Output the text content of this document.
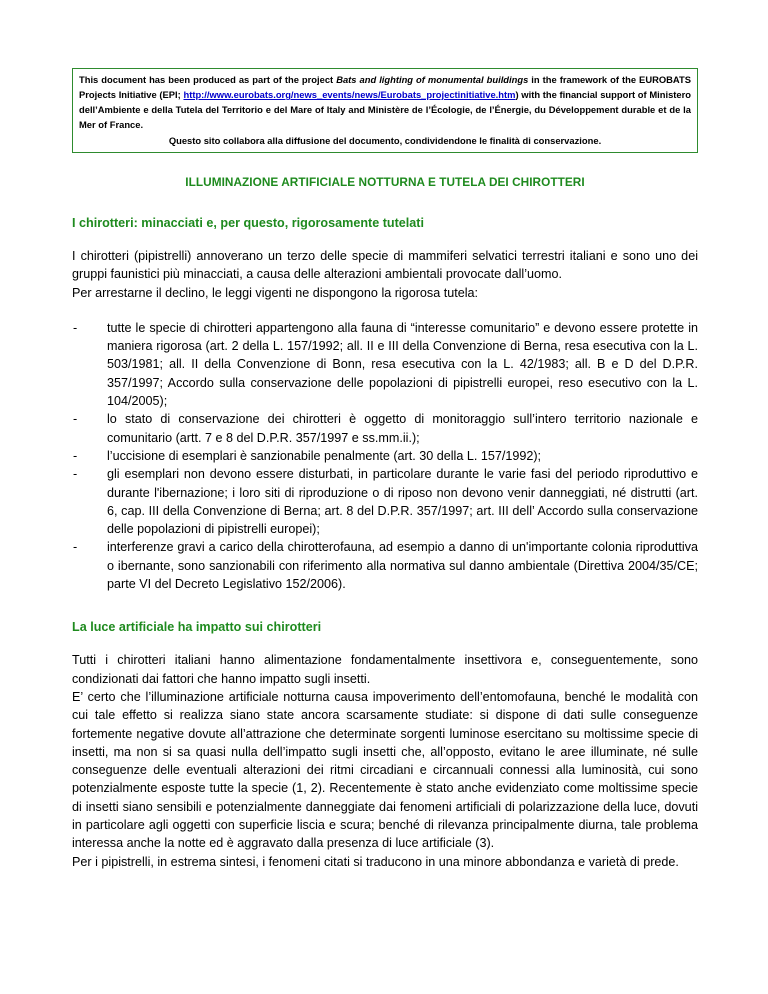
This document has been produced as part of the project Bats and lighting of monumental buildings in the framework of the EUROBATS Projects Initiative (EPI; http://www.eurobats.org/news_events/news/Eurobats_projectinitiative.htm) with the financial support of Ministero dell’Ambiente e della Tutela del Territorio e del Mare of Italy and Ministère de l’Écologie, de l’Énergie, du Développement durable et de la Mer of France.
Questo sito collabora alla diffusione del documento, condividendone le finalità di conservazione.
ILLUMINAZIONE ARTIFICIALE NOTTURNA E TUTELA DEI CHIROTTERI
I chirotteri: minacciati e, per questo, rigorosamente tutelati

I chirotteri (pipistrelli) annoverano un terzo delle specie di mammiferi selvatici terrestri italiani e sono uno dei gruppi faunistici più minacciati, a causa delle alterazioni ambientali provocate dall’uomo.

Per arrestarne il declino, le leggi vigenti ne dispongono la rigorosa tutela:

- tutte le specie di chirotteri appartengono alla fauna di “interesse comunitario” e devono essere protette in maniera rigorosa (art. 2 della L. 157/1992; all. II e III della Convenzione di Berna, resa esecutiva con la L. 503/1981; all. II della Convenzione di Bonn, resa esecutiva con la L. 42/1983; all. B e D del D.P.R. 357/1997; Accordo sulla conservazione delle popolazioni di pipistrelli europei, reso esecutivo con la L. 104/2005);
- lo stato di conservazione dei chirotteri è oggetto di monitoraggio sull’intero territorio nazionale e comunitario (artt. 7 e 8 del D.P.R. 357/1997 e ss.mm.ii.);
- l’uccisione di esemplari è sanzionabile penalmente (art. 30 della L. 157/1992);
- gli esemplari non devono essere disturbati, in particolare durante le varie fasi del periodo riproduttivo e durante l'ibernazione; i loro siti di riproduzione o di riposo non devono venir danneggiati, né distrutti (art. 6, cap. III della Convenzione di Berna; art. 8 del D.P.R. 357/1997; art. III dell’ Accordo sulla conservazione delle popolazioni di pipistrelli europei);
- interferenze gravi a carico della chirotterofauna, ad esempio a danno di un'importante colonia riproduttiva o ibernante, sono sanzionabili con riferimento alla normativa sul danno ambientale (Direttiva 2004/35/CE; parte VI del Decreto Legislativo 152/2006).
La luce artificiale ha impatto sui chirotteri

Tutti i chirotteri italiani hanno alimentazione fondamentalmente insettivora e, conseguentemente, sono condizionati dai fattori che hanno impatto sugli insetti.

E’ certo che l’illuminazione artificiale notturna causa impoverimento dell’entomofauna, benché le modalità con cui tale effetto si realizza siano state ancora scarsamente studiate: si dispone di dati sulle conseguenze fortemente negative dovute all’attrazione che determinate sorgenti luminose esercitano su moltissime specie di insetti, ma non si sa quasi nulla dell’impatto sugli insetti che, all’opposto, evitano le aree illuminate, né sulle conseguenze delle eventuali alterazioni dei ritmi circadiani e circannuali connessi alla luminosità, cui sono potenzialmente esposte tutte la specie (1, 2). Recentemente è stato anche evidenziato come moltissime specie di insetti siano sensibili e potenzialmente danneggiate dai fenomeni artificiali di polarizzazione della luce, dovuti in particolare agli oggetti con superficie liscia e scura; benché di rilevanza principalmente diurna, tale problema interessa anche la notte ed è aggravato dalla presenza di luce artificiale (3).

Per i pipistrelli, in estrema sintesi, i fenomeni citati si traducono in una minore abbondanza e varietà di prede.
